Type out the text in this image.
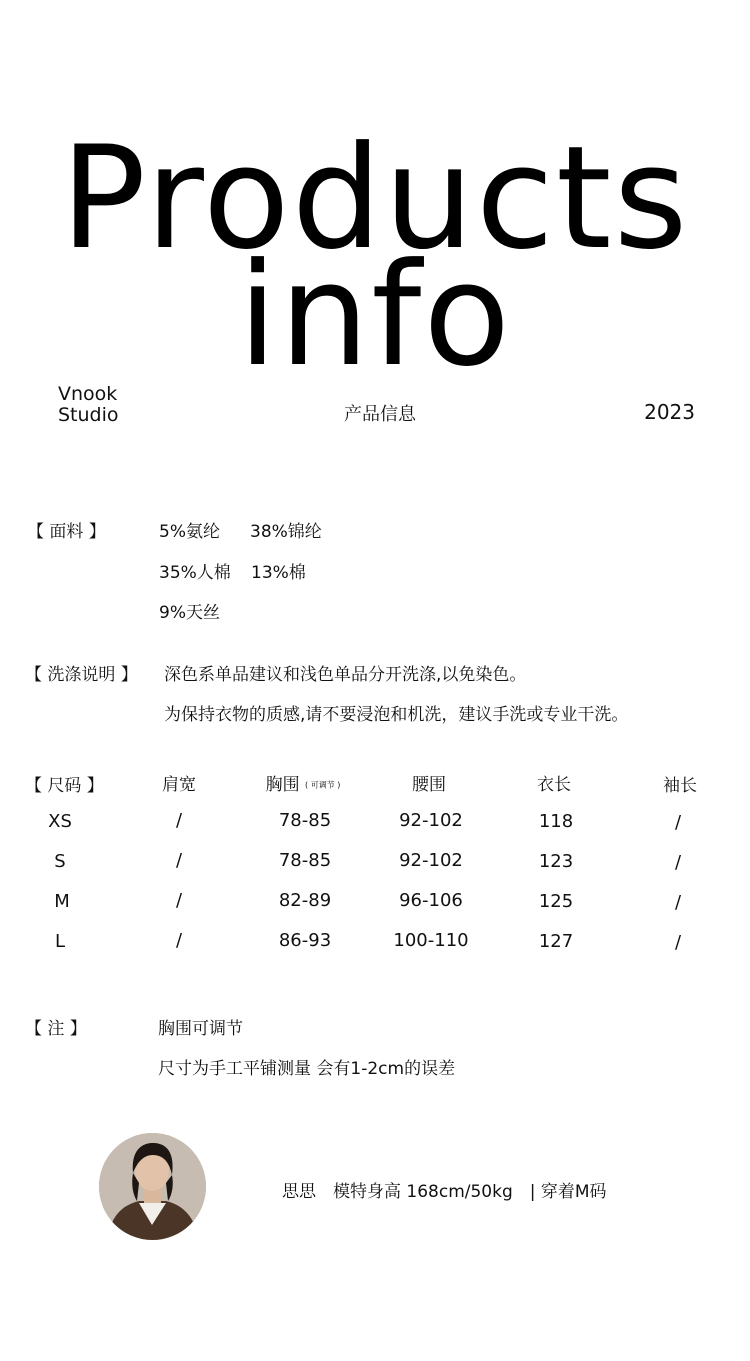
Products
info
Vnook
Studio	产品信息	2023
【 面料 】	5%氨纶 38%锦纶
35%人棉 13%棉
9%天丝
【 洗涤说明 】 深色系单品建议和浅色单品分开洗涤,以免染色。
为保持衣物的质感,请不要浸泡和机洗，建议手洗或专业干洗。
【 尺码 】	肩宽	胸围 ( 可调节 )	腰围	衣长	袖长
XS	/	78-85	92-102	118	/
S	/	78-85	92-102	123	/
M	/	82-89	96-106	125	/
L	/	86-93	100-110	127	/
【 注 】	胸围可调节
尺寸为手工平铺测量 会有1-2cm的误差
思思　模特身高 168cm/50kg　| 穿着M码
